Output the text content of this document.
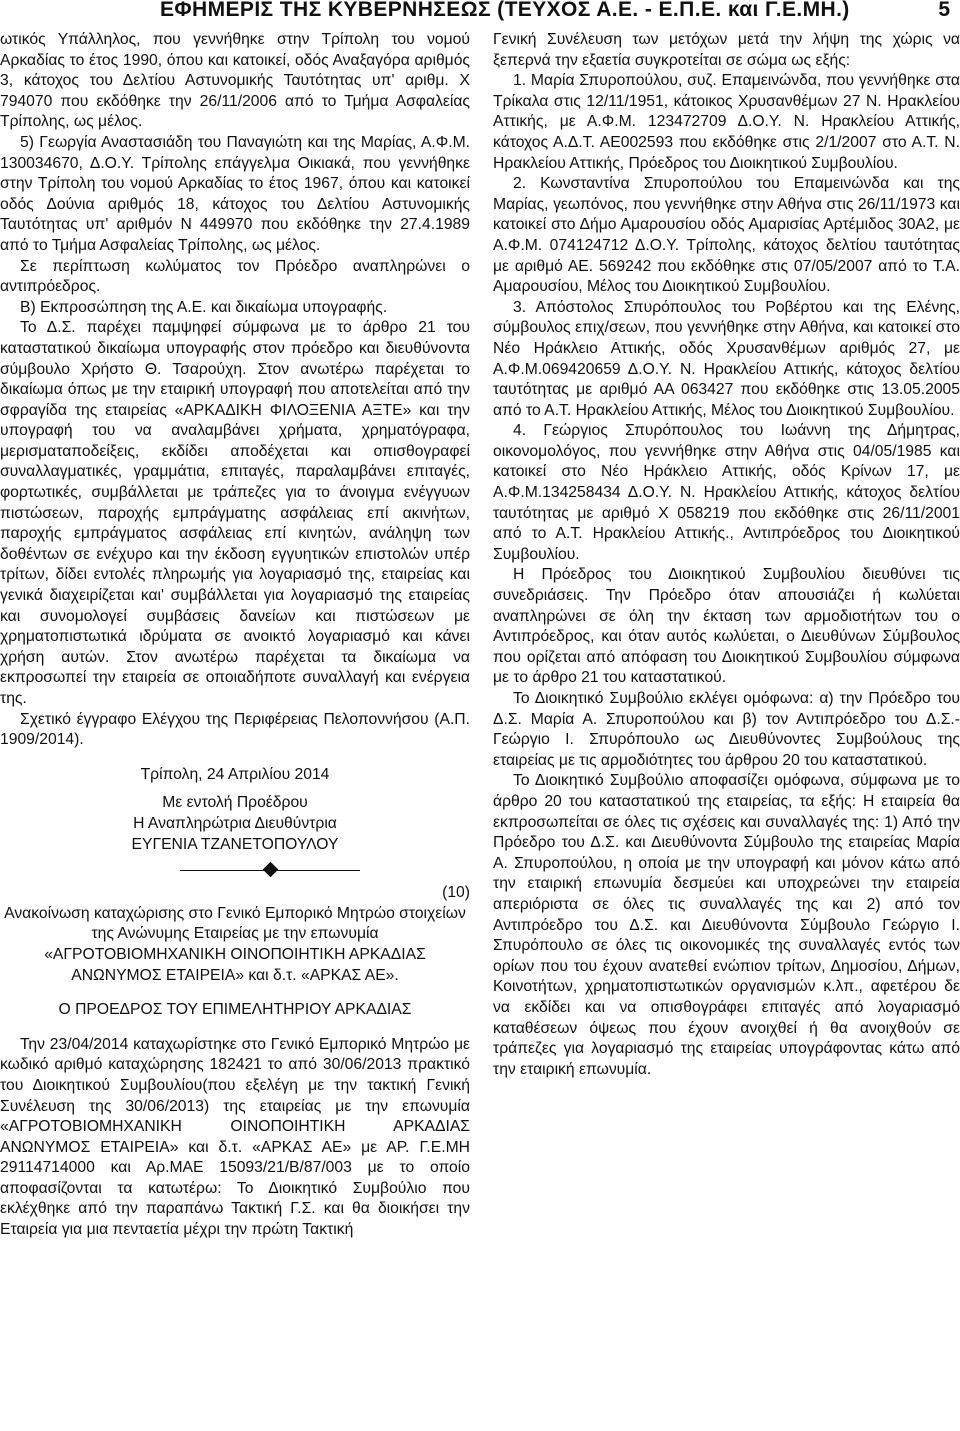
ΕΦΗΜΕΡΙΣ ΤΗΣ ΚΥΒΕΡΝΗΣΕΩΣ (ΤΕΥΧΟΣ Α.Ε. - Ε.Π.Ε. και Γ.Ε.ΜΗ.)	5

ωτικός Υπάλληλος, που γεννήθηκε στην Τρίπολη του νομού Αρκαδίας το έτος 1990, όπου και κατοικεί, οδός Αναξαγόρα αριθμός 3, κάτοχος του Δελτίου Αστυνομικής Ταυτότητας υπ' αριθμ. Χ 794070 που εκδόθηκε την 26/11/2006 από το Τμήμα Ασφαλείας Τρίπολης, ως μέλος.

5) Γεωργία Αναστασιάδη του Παναγιώτη και της Μαρίας, Α.Φ.Μ. 130034670, Δ.Ο.Υ. Τρίπολης επάγγελμα Οικιακά, που γεννήθηκε στην Τρίπολη του νομού Αρκαδίας το έτος 1967, όπου και κατοικεί οδός Δούνια αριθμός 18, κάτοχος του Δελτίου Αστυνομικής Ταυτότητας υπ' αριθμόν Ν 449970 που εκδόθηκε την 27.4.1989 από το Τμήμα Ασφαλείας Τρίπολης, ως μέλος.

Σε περίπτωση κωλύματος τον Πρόεδρο αναπληρώνει ο αντιπρόεδρος.

Β) Εκπροσώπηση της Α.Ε. και δικαίωμα υπογραφής.

Το Δ.Σ. παρέχει παμψηφεί σύμφωνα με το άρθρο 21 του καταστατικού δικαίωμα υπογραφής στον πρόεδρο και διευθύνοντα σύμβουλο Χρήστο Θ. Τσαρούχη. Στον ανωτέρω παρέχεται το δικαίωμα όπως με την εταιρική υπογραφή που αποτελείται από την σφραγίδα της εταιρείας «ΑΡΚΑΔΙΚΗ ΦΙΛΟΞΕΝΙΑ ΑΞΤΕ» και την υπογραφή του να αναλαμβάνει χρήματα, χρηματόγραφα, μερισματαποδείξεις, εκδίδει αποδέχεται και οπισθογραφεί συναλλαγματικές, γραμμάτια, επιταγές, παραλαμβάνει επιταγές, φορτωτικές, συμβάλλεται με τράπεζες για το άνοιγμα ενέγγυων πιστώσεων, παροχής εμπράγματης ασφάλειας επί ακινήτων, παροχής εμπράγματος ασφάλειας επί κινητών, ανάληψη των δοθέντων σε ενέχυρο και την έκδοση εγγυητικών επιστολών υπέρ τρίτων, δίδει εντολές πληρωμής για λογαριασμό της, εταιρείας και γενικά διαχειρίζεται και' συμβάλλεται για λογαριασμό της εταιρείας και συνομολογεί συμβάσεις δανείων και πιστώσεων με χρηματοπιστωτικά ιδρύματα σε ανοικτό λογαριασμό και κάνει χρήση αυτών. Στον ανωτέρω παρέχεται τα δικαίωμα να εκπροσωπεί την εταιρεία σε οποιαδήποτε συναλλαγή και ενέργεια της.

Σχετικό έγγραφο Ελέγχου της Περιφέρειας Πελοποννήσου (Α.Π. 1909/2014).

Τρίπολη, 24 Απριλίου 2014

Με εντολή Προέδρου

Η Αναπληρώτρια Διευθύντρια

ΕΥΓΕΝΙΑ ΤΖΑΝΕΤΟΠΟΥΛΟΥ

(10)

Ανακοίνωση καταχώρισης στο Γενικό Εμπορικό Μητρώο στοιχείων της Ανώνυμης Εταιρείας με την επωνυμία «ΑΓΡΟΤΟΒΙΟΜΗΧΑΝΙΚΗ ΟΙΝΟΠΟΙΗΤΙΚΗ ΑΡΚΑΔΙΑΣ ΑΝΩΝΥΜΟΣ ΕΤΑΙΡΕΙΑ» και δ.τ. «ΑΡΚΑΣ ΑΕ».

Ο ΠΡΟΕΔΡΟΣ ΤΟΥ ΕΠΙΜΕΛΗΤΗΡΙΟΥ ΑΡΚΑΔΙΑΣ

Την 23/04/2014 καταχωρίστηκε στο Γενικό Εμπορικό Μητρώο με κωδικό αριθμό καταχώρησης 182421 το από 30/06/2013 πρακτικό του Διοικητικού Συμβουλίου(που εξελέγη με την τακτική Γενική Συνέλευση της 30/06/2013) της εταιρείας με την επωνυμία «ΑΓΡΟΤΟΒΙΟΜΗΧΑΝΙΚΗ ΟΙΝΟΠΟΙΗΤΙΚΗ ΑΡΚΑΔΙΑΣ ΑΝΩΝΥΜΟΣ ΕΤΑΙΡΕΙΑ» και δ.τ. «ΑΡΚΑΣ ΑΕ» με ΑΡ. Γ.Ε.ΜΗ 29114714000 και Αρ.ΜΑΕ 15093/21/Β/87/003 με το οποίο αποφασίζονται τα κατωτέρω: Το Διοικητικό Συμβούλιο που εκλέχθηκε από την παραπάνω Τακτική Γ.Σ. και θα διοικήσει την Εταιρεία για μια πενταετία μέχρι την πρώτη Τακτική

Γενική Συνέλευση των μετόχων μετά την λήψη της χώρις να ξεπερνά την εξαετία συγκροτείται σε σώμα ως εξής:

1. Μαρία Σπυροπούλου, συζ. Επαμεινώνδα, που γεννήθηκε στα Τρίκαλα στις 12/11/1951, κάτοικος Χρυσανθέμων 27 Ν. Ηρακλείου Αττικής, με Α.Φ.Μ. 123472709 Δ.Ο.Υ. Ν. Ηρακλείου Αττικής, κάτοχος Α.Δ.Τ. ΑΕ002593 που εκδόθηκε στις 2/1/2007 στο Α.Τ. Ν. Ηρακλείου Αττικής, Πρόεδρος του Διοικητικού Συμβουλίου.

2. Κωνσταντίνα Σπυροπούλου του Επαμεινώνδα και της Μαρίας, γεωπόνος, που γεννήθηκε στην Αθήνα στις 26/11/1973 και κατοικεί στο Δήμο Αμαρουσίου οδός Αμαρισίας Αρτέμιδος 30Α2, με Α.Φ.Μ. 074124712 Δ.Ο.Υ. Τρίπολης, κάτοχος δελτίου ταυτότητας με αριθμό ΑΕ. 569242 που εκδόθηκε στις 07/05/2007 από το Τ.Α. Αμαρουσίου, Μέλος του Διοικητικού Συμβουλίου.

3. Απόστολος Σπυρόπουλος του Ροβέρτου και της Ελένης, σύμβουλος επιχ/σεων, που γεννήθηκε στην Αθήνα, και κατοικεί στο Νέο Ηράκλειο Αττικής, οδός Χρυσανθέμων αριθμός 27, με Α.Φ.Μ.069420659 Δ.Ο.Υ. Ν. Ηρακλείου Αττικής, κάτοχος δελτίου ταυτότητας με αριθμό ΑΑ 063427 που εκδόθηκε στις 13.05.2005 από το Α.Τ. Ηρακλείου Αττικής, Μέλος του Διοικητικού Συμβουλίου.

4. Γεώργιος Σπυρόπουλος του Ιωάννη της Δήμητρας, οικονομολόγος, που γεννήθηκε στην Αθήνα στις 04/05/1985 και κατοικεί στο Νέο Ηράκλειο Αττικής, οδός Κρίνων 17, με Α.Φ.Μ.134258434 Δ.Ο.Υ. Ν. Ηρακλείου Αττικής, κάτοχος δελτίου ταυτότητας με αριθμό Χ 058219 που εκδόθηκε στις 26/11/2001 από το Α.Τ. Ηρακλείου Αττικής., Αντιπρόεδρος του Διοικητικού Συμβουλίου.

Η Πρόεδρος του Διοικητικού Συμβουλίου διευθύνει τις συνεδριάσεις. Την Πρόεδρο όταν απουσιάζει ή κωλύεται αναπληρώνει σε όλη την έκταση των αρμοδιοτήτων του ο Αντιπρόεδρος, και όταν αυτός κωλύεται, ο Διευθύνων Σύμβουλος που ορίζεται από απόφαση του Διοικητικού Συμβουλίου σύμφωνα με το άρθρο 21 του καταστατικού.

Το Διοικητικό Συμβούλιο εκλέγει ομόφωνα: α) την Πρόεδρο του Δ.Σ. Μαρία Α. Σπυροπούλου και β) τον Αντιπρόεδρο του Δ.Σ.- Γεώργιο Ι. Σπυρόπουλο ως Διευθύνοντες Συμβούλους της εταιρείας με τις αρμοδιότητες του άρθρου 20 του καταστατικού.

Το Διοικητικό Συμβούλιο αποφασίζει ομόφωνα, σύμφωνα με το άρθρο 20 του καταστατικού της εταιρείας, τα εξής: Η εταιρεία θα εκπροσωπείται σε όλες τις σχέσεις και συναλλαγές της: 1) Από την Πρόεδρο του Δ.Σ. και Διευθύνοντα Σύμβουλο της εταιρείας Μαρία Α. Σπυροπούλου, η οποία με την υπογραφή και μόνον κάτω από την εταιρική επωνυμία δεσμεύει και υποχρεώνει την εταιρεία απεριόριστα σε όλες τις συναλλαγές της και 2) από τον Αντιπρόεδρο του Δ.Σ. και Διευθύνοντα Σύμβουλο Γεώργιο Ι. Σπυρόπουλο σε όλες τις οικονομικές της συναλλαγές εντός των ορίων που του έχουν ανατεθεί ενώπιον τρίτων, Δημοσίου, Δήμων, Κοινοτήτων, χρηματοπιστωτικών οργανισμών κ.λπ., αφετέρου δε να εκδίδει και να οπισθογράφει επιταγές από λογαριασμό καταθέσεων όψεως που έχουν ανοιχθεί ή θα ανοιχθούν σε τράπεζες για λογαριασμό της εταιρείας υπογράφοντας κάτω από την εταιρική επωνυμία.
